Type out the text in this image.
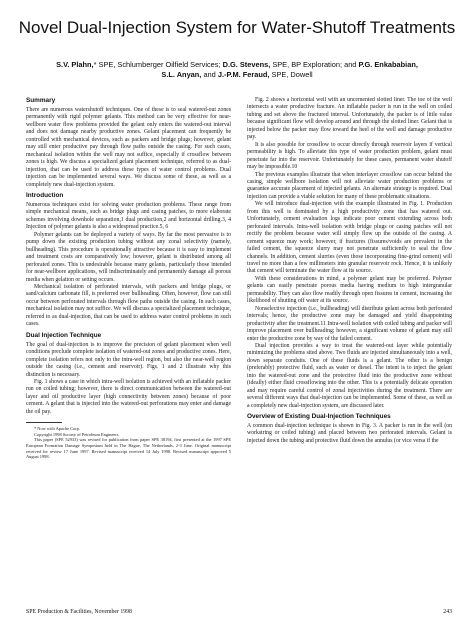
Novel Dual-Injection System for Water-Shutoff Treatments
S.V. Plahn,* SPE, Schlumberger Oilfield Services; D.G. Stevens, SPE, BP Exploration; and P.G. Enkababian,
S.L. Anyan, and J.-P.M. Feraud, SPE, Dowell
Summary

There are numerous watershutoff techniques. One of these is to seal watered-out zones permanently with rigid polymer gelants. This method can be very effective for near-wellbore water flow problems provided the gelant only enters the watered-out interval and does not damage nearby productive zones. Gelant placement can frequently be controlled with mechanical devices, such as packers and bridge plugs; however, gelant may still enter productive pay through flow paths outside the casing. For such cases, mechanical isolation within the well may not suffice, especially if crossflow between zones is high. We discuss a specialized gelant placement technique, referred to as dual-injection, that can be used to address these types of water control problems. Dual injection can be implemented several ways. We discuss some of these, as well as a completely new dual-injection system.

Introduction

Numerous techniques exist for solving water production problems. These range from simple mechanical means, such as bridge plugs and casing patches, to more elaborate schemes involving downhole separation,1 dual production,2 and horizontal drilling.3, 4 Injection of polymer gelants is also a widespread practice.5, 6

Polymer gelants can be deployed a variety of ways. By far the most pervasive is to pump down the existing production tubing without any zonal selectivity (namely, bullheading). This procedure is operationally attractive because it is easy to implement and treatment costs are comparatively low; however, gelant is distributed among all perforated zones. This is undesirable because many gelants, particularly those intended for near-wellbore applications, will indiscriminately and permanently damage all porous media when gelation or setting occurs.

Mechanical isolation of perforated intervals, with packers and bridge plugs, or sand/calcium carbonate fill, is preferred over bullheading. Often, however, flow can still occur between perforated intervals through flow paths outside the casing. In such cases, mechanical isolation may not suffice. We will discuss a specialized placement technique, referred to as dual-injection, that can be used to address water control problems in such cases.

Dual Injection Technique

The goal of dual-injection is to improve the precision of gelant placement when well conditions preclude complete isolation of watered-out zones and productive zones. Here, complete isolation refers not only to the intra-well region, but also the near-well region outside the casing (i.e., cement and reservoir). Figs. 1 and 2 illustrate why this distinction is necessary.

Fig. 1 shows a case in which intra-well isolation is achieved with an inflatable packer run on coiled tubing; however, there is direct communication between the watered-out layer and oil productive layer (high connectivity between zones) because of poor cement. A gelant that is injected into the watered-out perforations may enter and damage the oil pay.

* Now with Apache Corp.

Copyright 1998 Society of Petroleum Engineers

This paper (SPE 52933) was revised for publication from paper SPE 38194, first presented at the 1997 SPE European Formation Damage Symposium held in The Hague, The Netherlands, 2-3 June. Original manuscript received for review 17 June 1997. Revised manuscript received 14 July 1998. Revised manuscript approved 5 August 1998.

Fig. 2 shows a horizontal well with an uncemented slotted liner. The toe of the well intersects a water productive fracture. An inflatable packer is run in the well on coiled tubing and set above the fractured interval. Unfortunately, the packer is of little value because significant flow will develop around and through the slotted liner. Gelant that is injected below the packer may flow toward the heel of the well and damage productive pay.

It is also possible for crossflow to occur directly through reservoir layers if vertical permeability is high. To alleviate this type of water production problem, gelant must penetrate far into the reservoir. Unfortunately for these cases, permanent water shutoff may be impossible.10

The previous examples illustrate that when interlayer crossflow can occur behind the casing, simple wellbore isolation will not alleviate water production problems or guarantee accurate placement of injected gelants. An alternate strategy is required. Dual injection can provide a viable solution for many of these problematic situations.

We will introduce dual-injection with the example illustrated in Fig. 1. Production from this well is dominated by a high productivity zone that has watered out. Unfortunately, cement evaluation logs indicate poor cement extending across both perforated intervals. Intra-well isolation with bridge plugs or casing patches will not rectify the problem because water will simply flow up the outside of the casing. A cement squeeze may work; however, if fractures (fissures/voids are prevalent in the failed cement, the squeeze slurry may not penetrate sufficiently to seal the flow channels. In addition, cement slurries (even those incorporating fine-grind cement) will travel no more than a few millimeters into granular reservoir rock. Hence, it is unlikely that cement will terminate the water flow at its source.

With these considerations in mind, a polymer gelant may be preferred. Polymer gelants can easily penetrate porous media having medium to high intergranular permeability. They can also flow readily through open fissures in cement, increasing the likelihood of shutting off water at its source.

Nonselective injection (i.e., bullheading) will distribute gelant across both perforated intervals; hence, the productive zone may be damaged and yield disappointing productivity after the treatment.11 Intra-well isolation with coiled tubing and packer will improve placement over bullheading; however, a significant volume of gelant may still enter the productive zone by way of the failed cement.

Dual injection provides a way to treat the watered-out layer while potentially minimizing the problems sited above. Two fluids are injected simultaneously into a well, down separate conduits. One of these fluids is a gelant. The other is a benign (preferably) protective fluid, such as water or diesel. The intent is to inject the gelant into the watered-out zone and the protective fluid into the productive zone without (ideally) either fluid crossflowing into the other. This is a potentially delicate operation and may require careful control of zonal injectivities during the treatment. There are several different ways that dual-injection can be implemented. Some of these, as well as a completely new dual-injection system, are discussed later.

Overview of Existing Dual-Injection Techniques

A common dual-injection technique is shown in Fig. 3. A packer is run in the well (on workstring or coiled tubing) and placed between two perforated intervals. Gelant is injected down the tubing and protective fluid down the annulus (or vice versa if the

SPE Production & Facilities, November 1998	243
